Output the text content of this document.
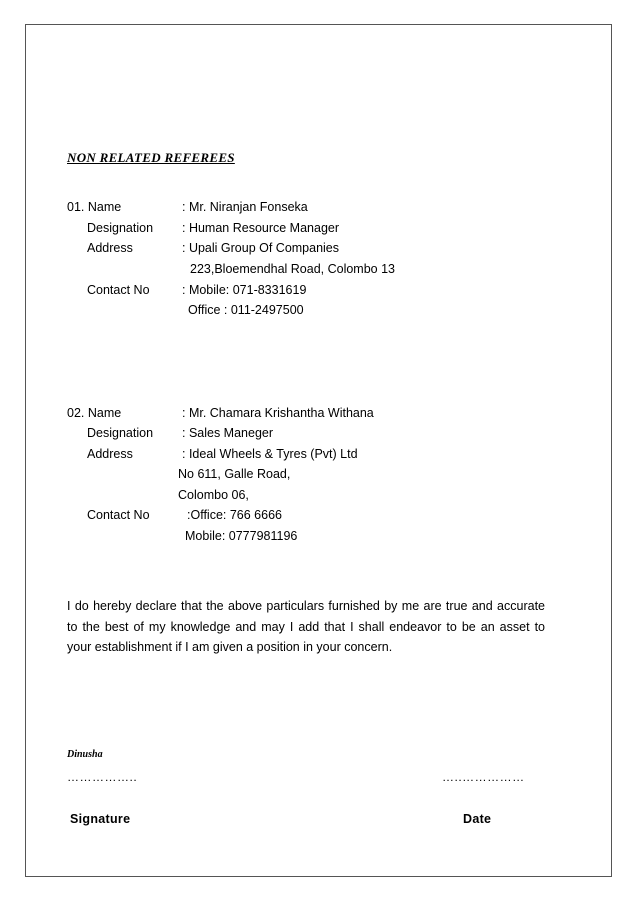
NON RELATED REFEREES
01. Name	: Mr. Niranjan Fonseka
Designation : Human Resource Manager
Address	: Upali Group Of Companies
223,Bloemendhal Road, Colombo 13
Contact No	: Mobile: 071-8331619
Office : 011-2497500
02. Name	: Mr. Chamara Krishantha Withana
Designation : Sales Maneger
Address	: Ideal Wheels & Tyres (Pvt) Ltd
No 611, Galle Road,
Colombo 06,
Contact No	:Office: 766 6666
Mobile: 0777981196
I do hereby declare that the above particulars furnished by me are true and accurate to the best of my knowledge and may I add that I shall endeavor to be an asset to your establishment if I am given a position in your concern.
Dinusha
……………..	…..……………
Signature	Date
